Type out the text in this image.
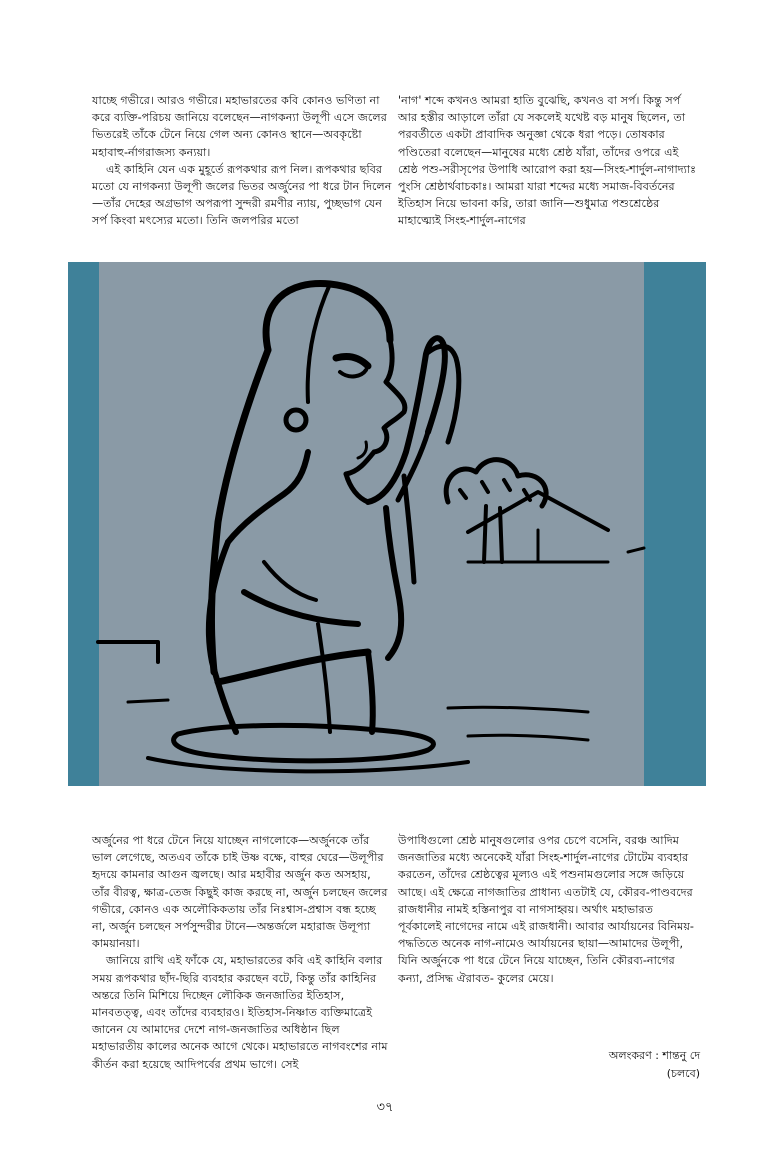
যাচ্ছে গভীরে। আরও গভীরে। মহাভারতের কবি কোনও ভণিতা না করে ব্যক্তি-পরিচয় জানিয়ে বলেছেন—নাগকন্যা উলূপী এসে জলের ভিতরেই তাঁকে টেনে নিয়ে গেল অন্য কোনও স্থানে—অবকৃষ্টো মহাবাহু-র্নাগরাজস্য কন্যয়া।

এই কাহিনি যেন এক মুহূর্তে রূপকথার রূপ নিল। রূপকথার ছবির মতো যে নাগকন্যা উলূপী জলের ভিতর অর্জুনের পা ধরে টান দিলেন—তাঁর দেহের অগ্রভাগ অপরূপা সুন্দরী রমণীর ন্যায়, পুচ্ছভাগ যেন সর্প কিংবা মৎস্যের মতো। তিনি জলপরির মতো

'নাগ' শব্দে কখনও আমরা হাতি বুঝেছি, কখনও বা সর্প। কিন্তু সর্প আর হস্তীর আড়ালে তাঁরা যে সকলেই যথেষ্ট বড় মানুষ ছিলেন, তা পরবর্তীতে একটা প্রাবাদিক অনুজ্ঞা থেকে ধরা পড়ে। তোষকার পণ্ডিতেরা বলেছেন—মানুষের মধ্যে শ্রেষ্ঠ যাঁরা, তাঁদের ওপরে এই শ্রেষ্ঠ পশু-সরীসৃপের উপাধি আরোপ করা হয়—সিংহ-শার্দুল-নাগাদ্যাঃ পুংসি শ্রেষ্ঠার্থবাচকাঃ। আমরা যারা শব্দের মধ্যে সমাজ-বিবর্তনের ইতিহাস নিয়ে ভাবনা করি, তারা জানি—শুধুমাত্র পশুশ্রেষ্ঠের মাহাত্ম্যেই সিংহ-শার্দুল-নাগের

অর্জুনের পা ধরে টেনে নিয়ে যাচ্ছেন নাগলোকে—অর্জুনকে তাঁর ভাল লেগেছে, অতএব তাঁকে চাই উষ্ণ বক্ষে, বাহুর ঘেরে—উলূপীর হৃদয়ে কামনার আগুন জ্বলছে। আর মহাবীর অর্জুন কত অসহায়, তাঁর বীরত্ব, ক্ষাত্র-তেজ কিছুই কাজ করছে না, অর্জুন চলছেন জলের গভীরে, কোনও এক অলৌকিকতায় তাঁর নিঃশ্বাস-প্রশ্বাস বন্ধ হচ্ছে না, অর্জুন চলছেন সর্পসুন্দরীর টানে—অন্তর্জলে মহারাজ উলূপ্যা কাময়ানয়া।

জানিয়ে রাখি এই ফাঁকে যে, মহাভারতের কবি এই কাহিনি বলার সময় রূপকথার ছাঁদ-ছিরি ব্যবহার করছেন বটে, কিন্তু তাঁর কাহিনির অন্তরে তিনি মিশিয়ে দিচ্ছেন লৌকিক জনজাতির ইতিহাস, মানবতত্ত্ব, এবং তাঁদের ব্যবহারও। ইতিহাস-নিষ্ণাত ব্যক্তিমাত্রেই জানেন যে আমাদের দেশে নাগ-জনজাতির অধিষ্ঠান ছিল মহাভারতীয় কালের অনেক আগে থেকে। মহাভারতে নাগবংশের নাম কীর্তন করা হয়েছে আদিপর্বের প্রথম ভাগে। সেই

উপাধিগুলো শ্রেষ্ঠ মানুষগুলোর ওপর চেপে বসেনি, বরঞ্চ আদিম জনজাতির মধ্যে অনেকেই যাঁরা সিংহ-শার্দুল-নাগের টোটেম ব্যবহার করতেন, তাঁদের শ্রেষ্ঠত্বের মূল্যও এই পশুনামগুলোর সঙ্গে জড়িয়ে আছে। এই ক্ষেত্রে নাগজাতির প্রাধান্য এতটাই যে, কৌরব-পাণ্ডবদের রাজধানীর নামই হস্তিনাপুর বা নাগসাহ্বয়। অর্থাৎ মহাভারত পূর্বকালেই নাগেদের নামে এই রাজধানী। আবার আর্যায়নের বিনিময়-পদ্ধতিতে অনেক নাগ-নামেও আর্যায়নের ছায়া—আমাদের উলূপী, যিনি অর্জুনকে পা ধরে টেনে নিয়ে যাচ্ছেন, তিনি কৌরব্য-নাগের কন্যা, প্রসিদ্ধ ঐরাবত- কুলের মেয়ে।

অলংকরণ : শান্তনু দে
(চলবে)
৩৭
